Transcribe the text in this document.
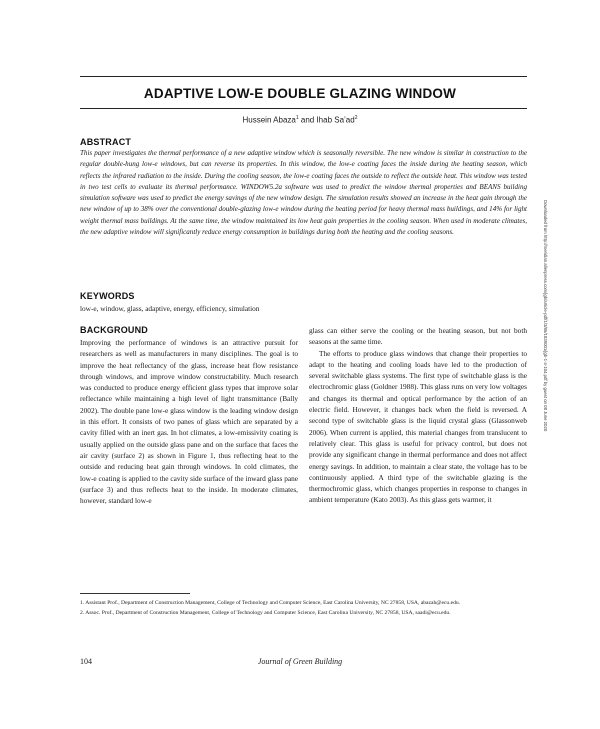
ADAPTIVE LOW-E DOUBLE GLAZING WINDOW

Hussein Abaza$^1$ and Ihab $Sa’ad^2$

ABSTRACT

This paper investigates the thermal performance of a new adaptive window which is seasonally reversible. The new window is similar in construction to the regular double-hung low-e windows, but can reverse its properties. In this window, the low-e coating faces the inside during the heating season, which reflects the infrared radiation to the inside. During the cooling season, the low-e coating faces the outside to reflect the outside heat. This window was tested in two test cells to evaluate its thermal performance. WINDOW5.2a software was used to predict the window thermal properties and BEANS building simulation software was used to predict the energy savings of the new window design. The simulation results showed an increase in the heat gain through the new window of up to 38% over the conventional double-glazing low-e window during the heating period for heavy thermal mass buildings, and 14% for light weight thermal mass buildings. At the same time, the window maintained its low heat gain properties in the cooling season. When used in moderate climates, the new adaptive window will significantly reduce energy consumption in buildings during both the heating and the cooling seasons.

KEYWORDS

low-e, window, glass, adaptive, energy, efficiency, simulation

BACKGROUND

Improving the performance of windows is an attractive pursuit for researchers as well as manufacturers in many disciplines. The goal is to improve the heat reflectancy of the glass, increase heat flow resistance through windows, and improve window constructability. Much research was conducted to produce energy efficient glass types that improve solar reflectance while maintaining a high level of light transmittance (Bally 2002). The double pane low-e glass window is the leading window design in this effort. It consists of two panes of glass which are separated by a cavity filled with an inert gas. In hot climates, a low-emissivity coating is usually applied on the outside glass pane and on the surface that faces the air cavity (surface 2) as shown in Figure 1, thus reflecting heat to the outside and reducing heat gain through windows. In cold climates, the low-e coating is applied to the cavity side surface of the inward glass pane (surface 3) and thus reflects heat to the inside. In moderate climates, however, standard low-e

glass can either serve the cooling or the heating season, but not both seasons at the same time.

The efforts to produce glass windows that change their properties to adapt to the heating and cooling loads have led to the production of several switchable glass systems. The first type of switchable glass is the electrochromic glass (Goldner 1988). This glass runs on very low voltages and changes its thermal and optical performance by the action of an electric field. However, it changes back when the field is reversed. A second type of switchable glass is the liquid crystal glass (Glassonweb 2006). When current is applied, this material changes from translucent to relatively clear. This glass is useful for privacy control, but does not provide any significant change in thermal performance and does not affect energy savings. In addition, to maintain a clear state, the voltage has to be continuously applied. A third type of the switchable glazing is the thermochromic glass, which changes properties in response to changes in ambient temperature (Kato 2003). As this glass gets warmer, it

1. Assistant Prof., Department of Construction Management, College of Technology and Computer Science, East Carolina University, NC 27858, USA, abazah@ecu.edu.

2. Assoc. Prof., Department of Construction Management, College of Technology and Computer Science, East Carolina University, NC 27858, USA, saadi@ecu.edu.

104	Journal of Green Building

Downloaded from http://meridian.allenpress.com/jgb/article-pdf/1/3/86/1839001/jgb-1-4-104.pdf by guest on 08 June 2020
